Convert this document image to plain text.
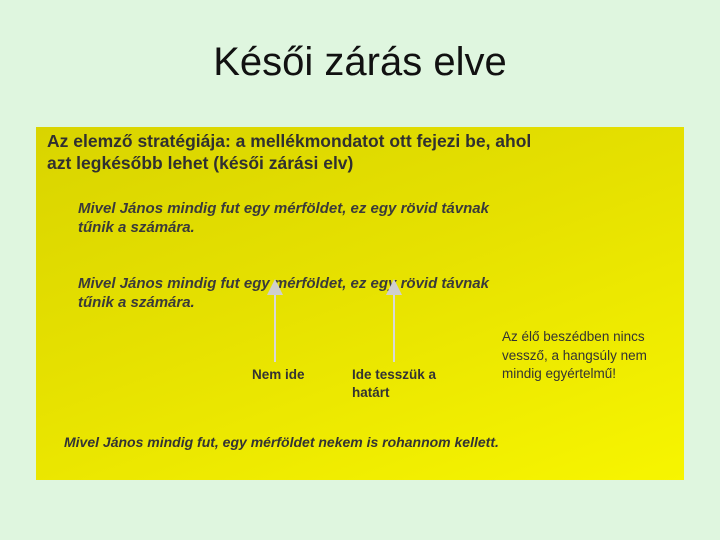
Késői zárás elve
Az elemző stratégiája: a mellékmondatot ott fejezi be, ahol
azt legkésőbb lehet (késői zárási elv)
Mivel János mindig fut egy mérföldet, ez egy rövid távnak
tűnik a számára.
Mivel János mindig fut egy mérföldet, ez egy rövid távnak
tűnik a számára.
Nem ide	Ide tesszük a
határt
Az élő beszédben nincs
vessző, a hangsúly nem
mindig egyértelmű!
Mivel János mindig fut, egy mérföldet nekem is rohannom kellett.
